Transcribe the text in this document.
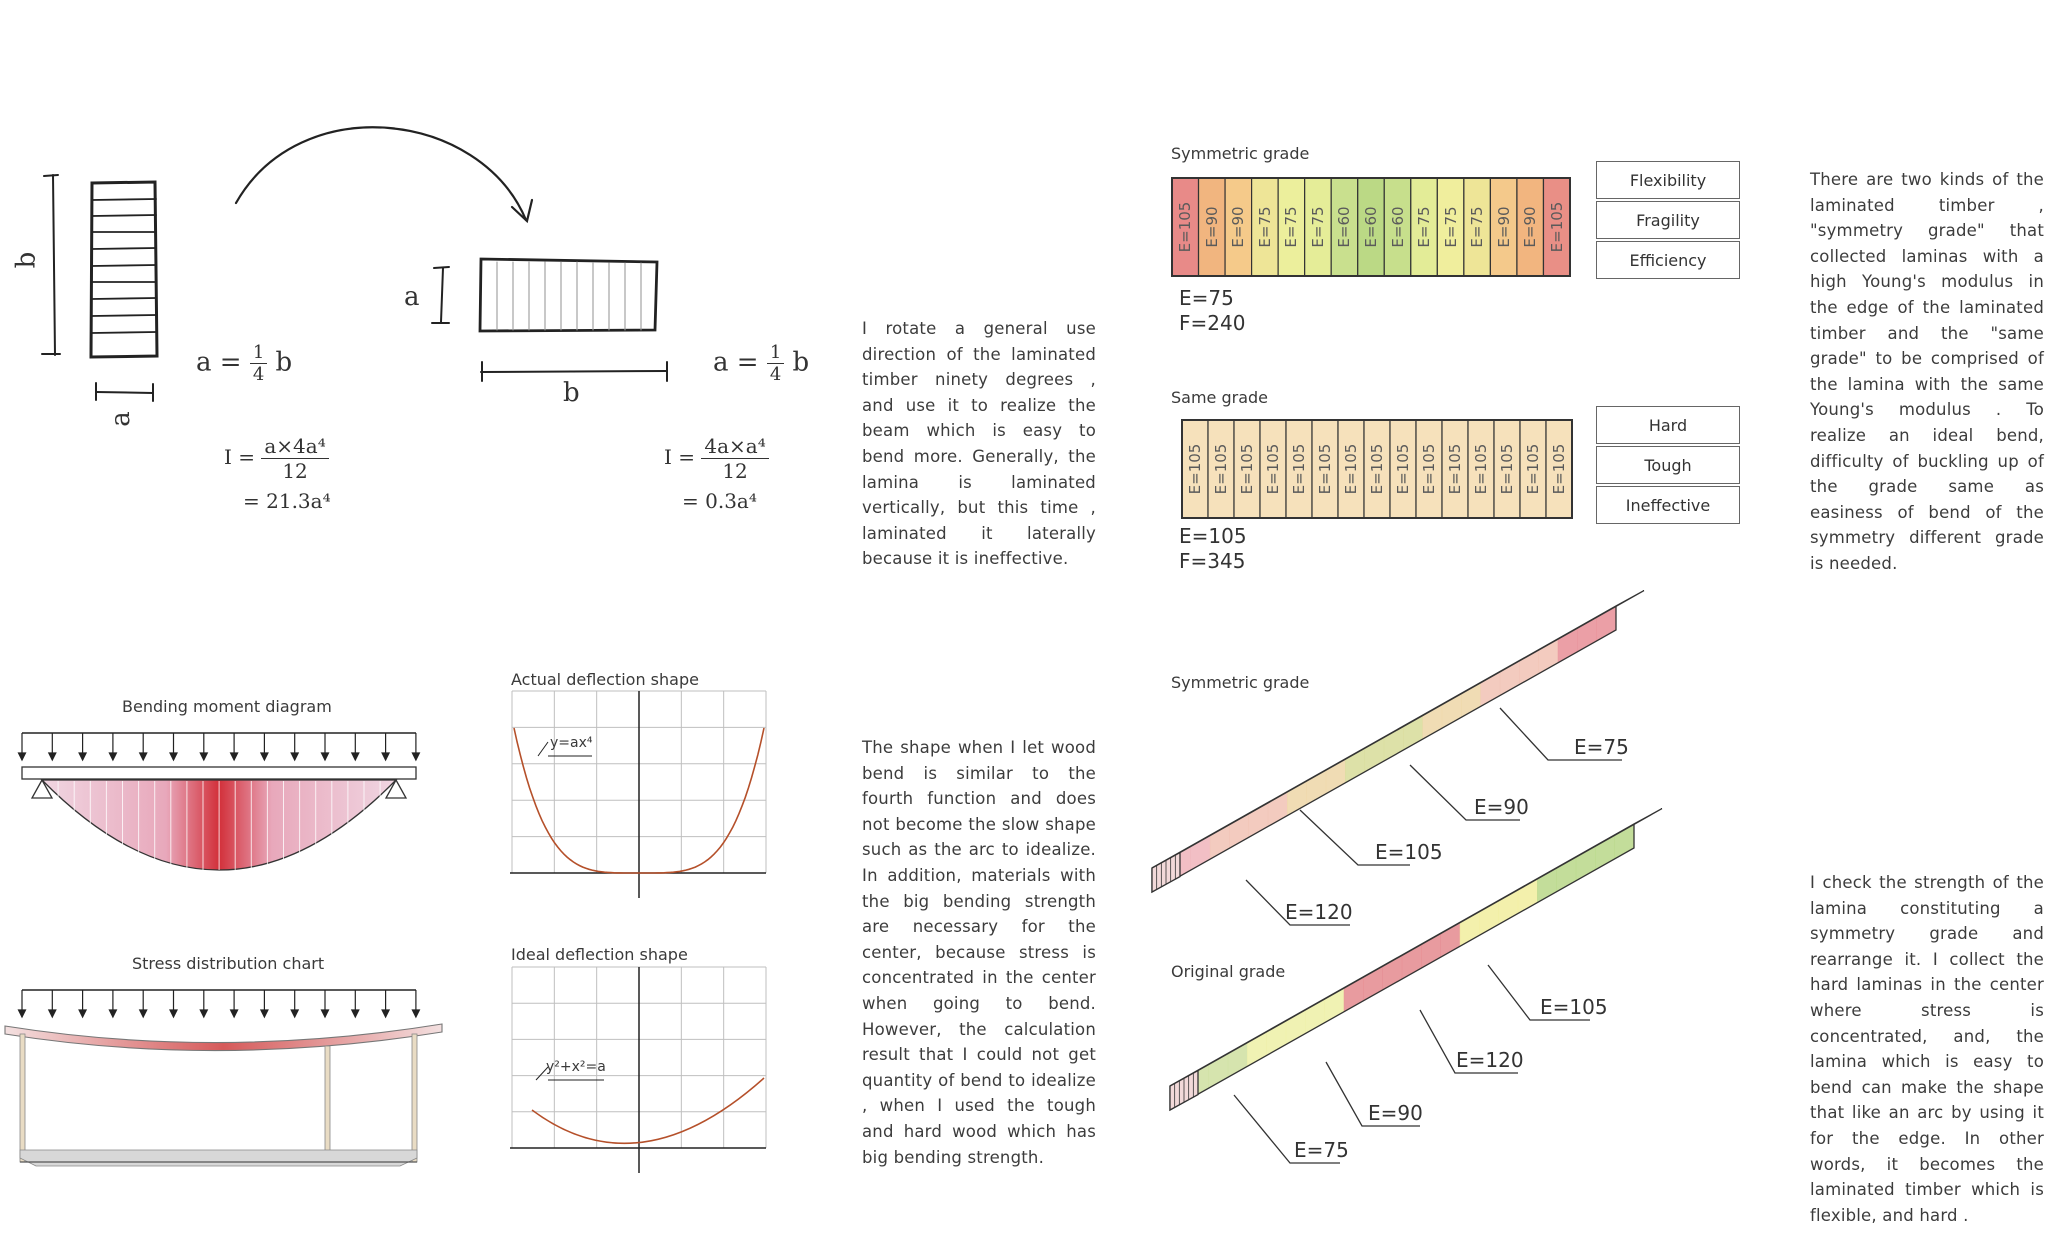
b
a
$a = \frac{1}{4}$ b
$I = \frac{\text{a×4a⁴}}{12}$
= 21.3a⁴
a
b
$a = \frac{1}{4}$ b
$I = \frac{\text{4a×a⁴}}{12}$
= 0.3a⁴
I rotate a general use direction of the laminated timber ninety degrees , and use it to realize the beam which is easy to bend more. Generally, the lamina is laminated vertically, but this time , laminated it laterally because it is ineffective.
There are two kinds of the laminated timber , "symmetry grade" that collected laminas with a high Young's modulus in the edge of the laminated timber and the "same grade" to be comprised of the lamina with the same Young's modulus . To realize an ideal bend, difficulty of buckling up of the grade same as easiness of bend of the symmetry different grade is needed.
The shape when I let wood bend is similar to the fourth function and does not become the slow shape such as the arc to idealize. In addition, materials with the big bending strength are necessary for the center, because stress is concentrated in the center when going to bend. However, the calculation result that I could not get quantity of bend to idealize , when I used the tough and hard wood which has big bending strength.
I check the strength of the lamina constituting a symmetry grade and rearrange it. I collect the hard laminas in the center where stress is concentrated, and, the lamina which is easy to bend can make the shape that like an arc by using it for the edge. In other words, it becomes the laminated timber which is flexible, and hard .
Symmetric grade
E=105 E=90 E=90 E=75 E=75 E=75 E=60 E=60 E=60 E=75 E=75 E=75 E=90 E=90 E=105
E=75
F=240
Flexibility
Fragility
Efficiency
Same grade
E=105 E=105 E=105 E=105 E=105 E=105 E=105 E=105 E=105 E=105 E=105 E=105 E=105 E=105 E=105
E=105
F=345
Hard
Tough
Ineffective
Bending moment diagram
Stress distribution chart
Actual deflection shape
y=ax⁴
Ideal deflection shape
y²+x²=a
Symmetric grade
E=75
E=90
E=105
E=120
Original grade
E=105
E=120
E=90
E=75
